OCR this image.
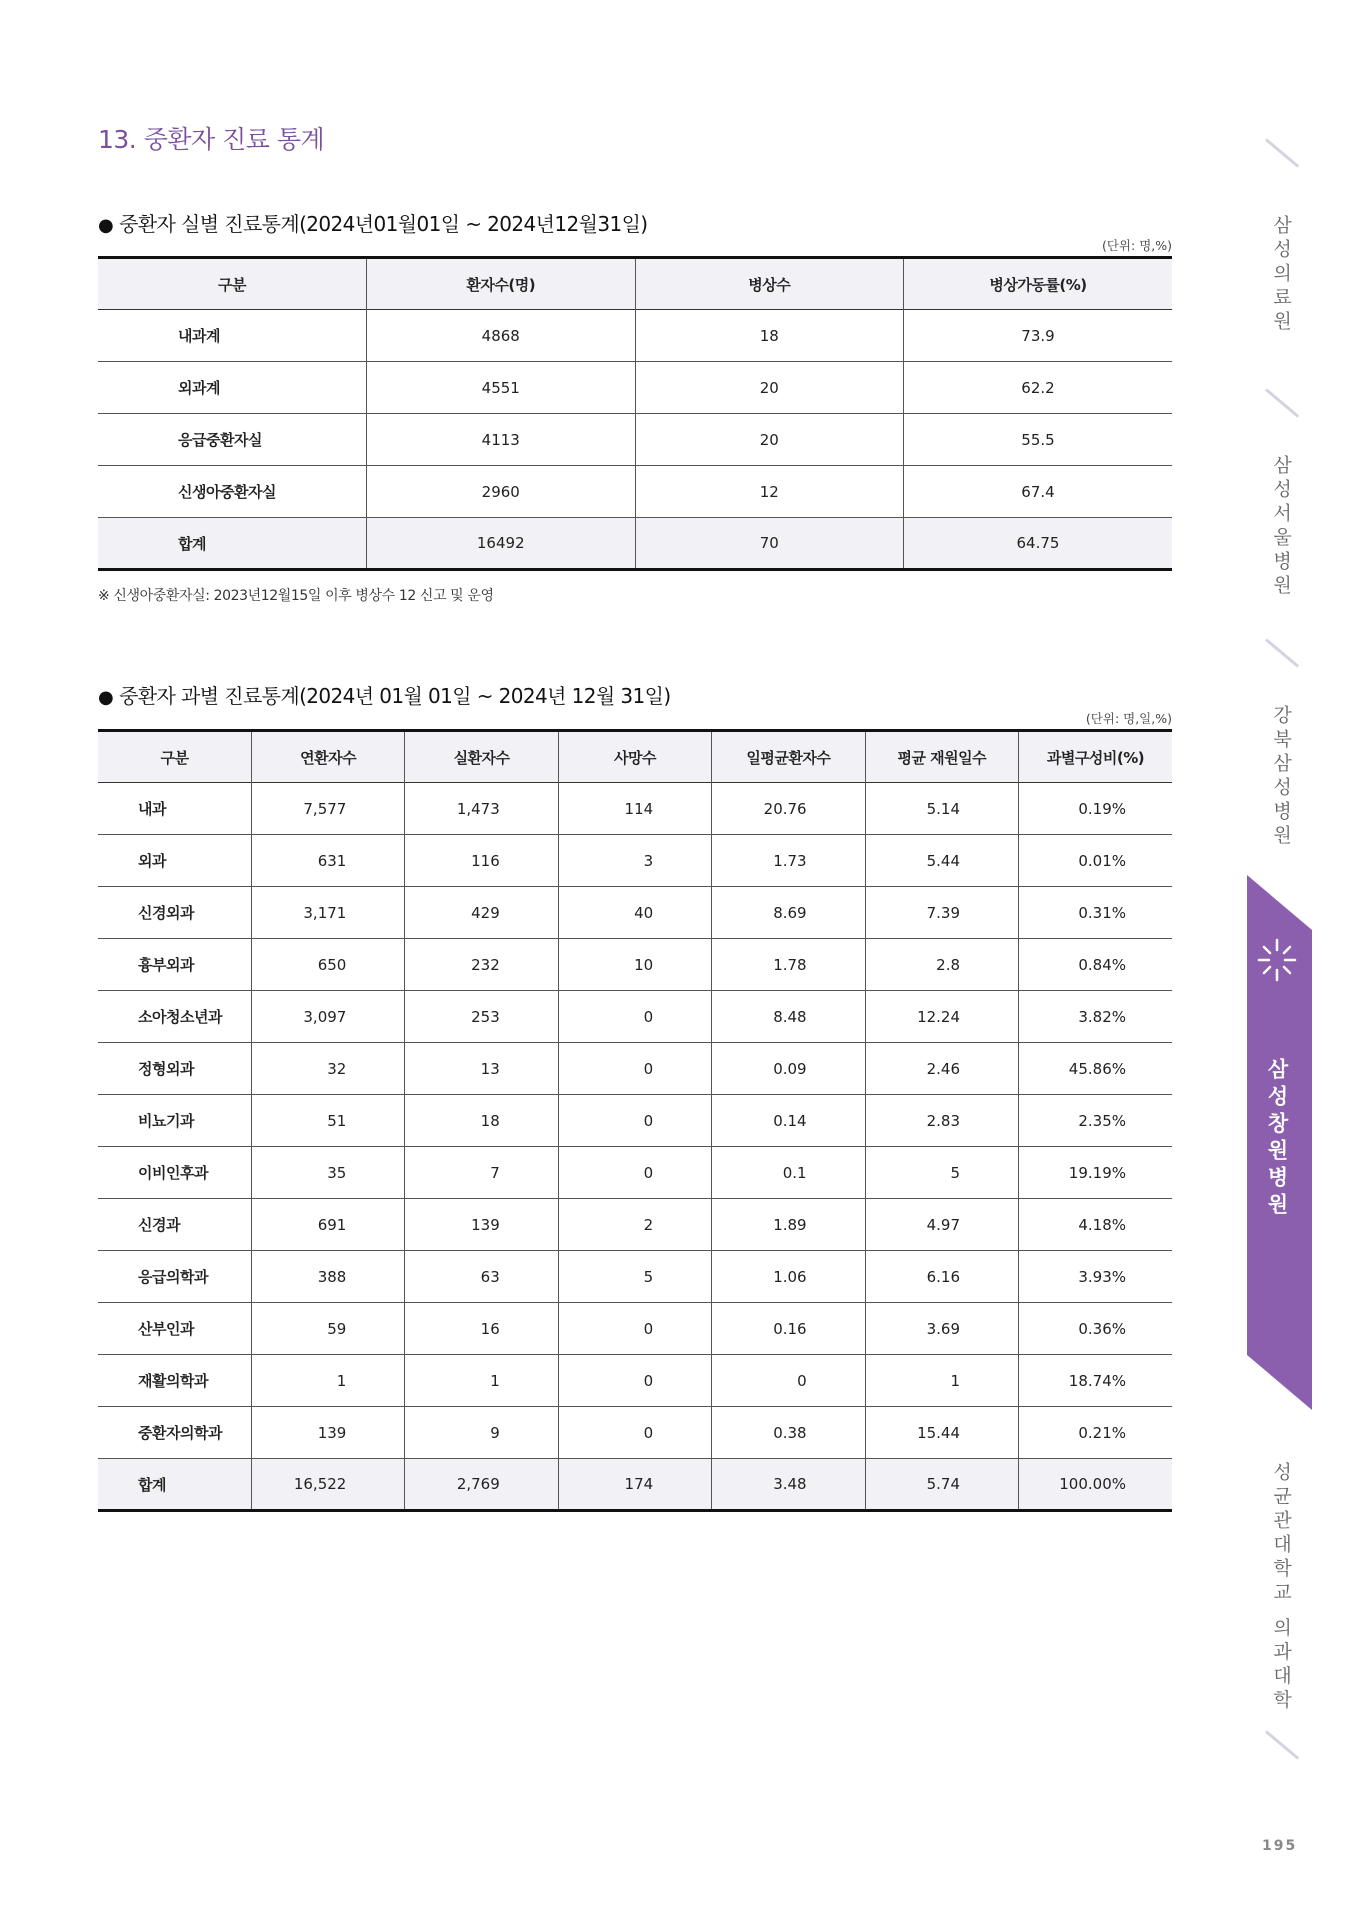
13. 중환자 진료 통계
● 중환자 실별 진료통계(2024년01월01일 ~ 2024년12월31일)
(단위: 명,%)
구분	환자수(명)	병상수	병상가동률(%)
내과계	4868	18	73.9
외과계	4551	20	62.2
응급중환자실	4113	20	55.5
신생아중환자실	2960	12	67.4
합계	16492	70	64.75
※ 신생아중환자실: 2023년12월15일 이후 병상수 12 신고 및 운영
● 중환자 과별 진료통계(2024년 01월 01일 ~ 2024년 12월 31일)
(단위: 명,일,%)
구분	연환자수	실환자수	사망수	일평균환자수	평균 재원일수	과별구성비(%)
내과	7,577	1,473	114	20.76	5.14	0.19%
외과	631	116	3	1.73	5.44	0.01%
신경외과	3,171	429	40	8.69	7.39	0.31%
흉부외과	650	232	10	1.78	2.8	0.84%
소아청소년과	3,097	253	0	8.48	12.24	3.82%
정형외과	32	13	0	0.09	2.46	45.86%
비뇨기과	51	18	0	0.14	2.83	2.35%
이비인후과	35	7	0	0.1	5	19.19%
신경과	691	139	2	1.89	4.97	4.18%
응급의학과	388	63	5	1.06	6.16	3.93%
산부인과	59	16	0	0.16	3.69	0.36%
재활의학과	1	1	0	0	1	18.74%
중환자의학과	139	9	0	0.38	15.44	0.21%
합계	16,522	2,769	174	3.48	5.74	100.00%
삼성의료원
삼성서울병원
강북삼성병원
삼성창원병원
성균관대학교 의과대학
195
